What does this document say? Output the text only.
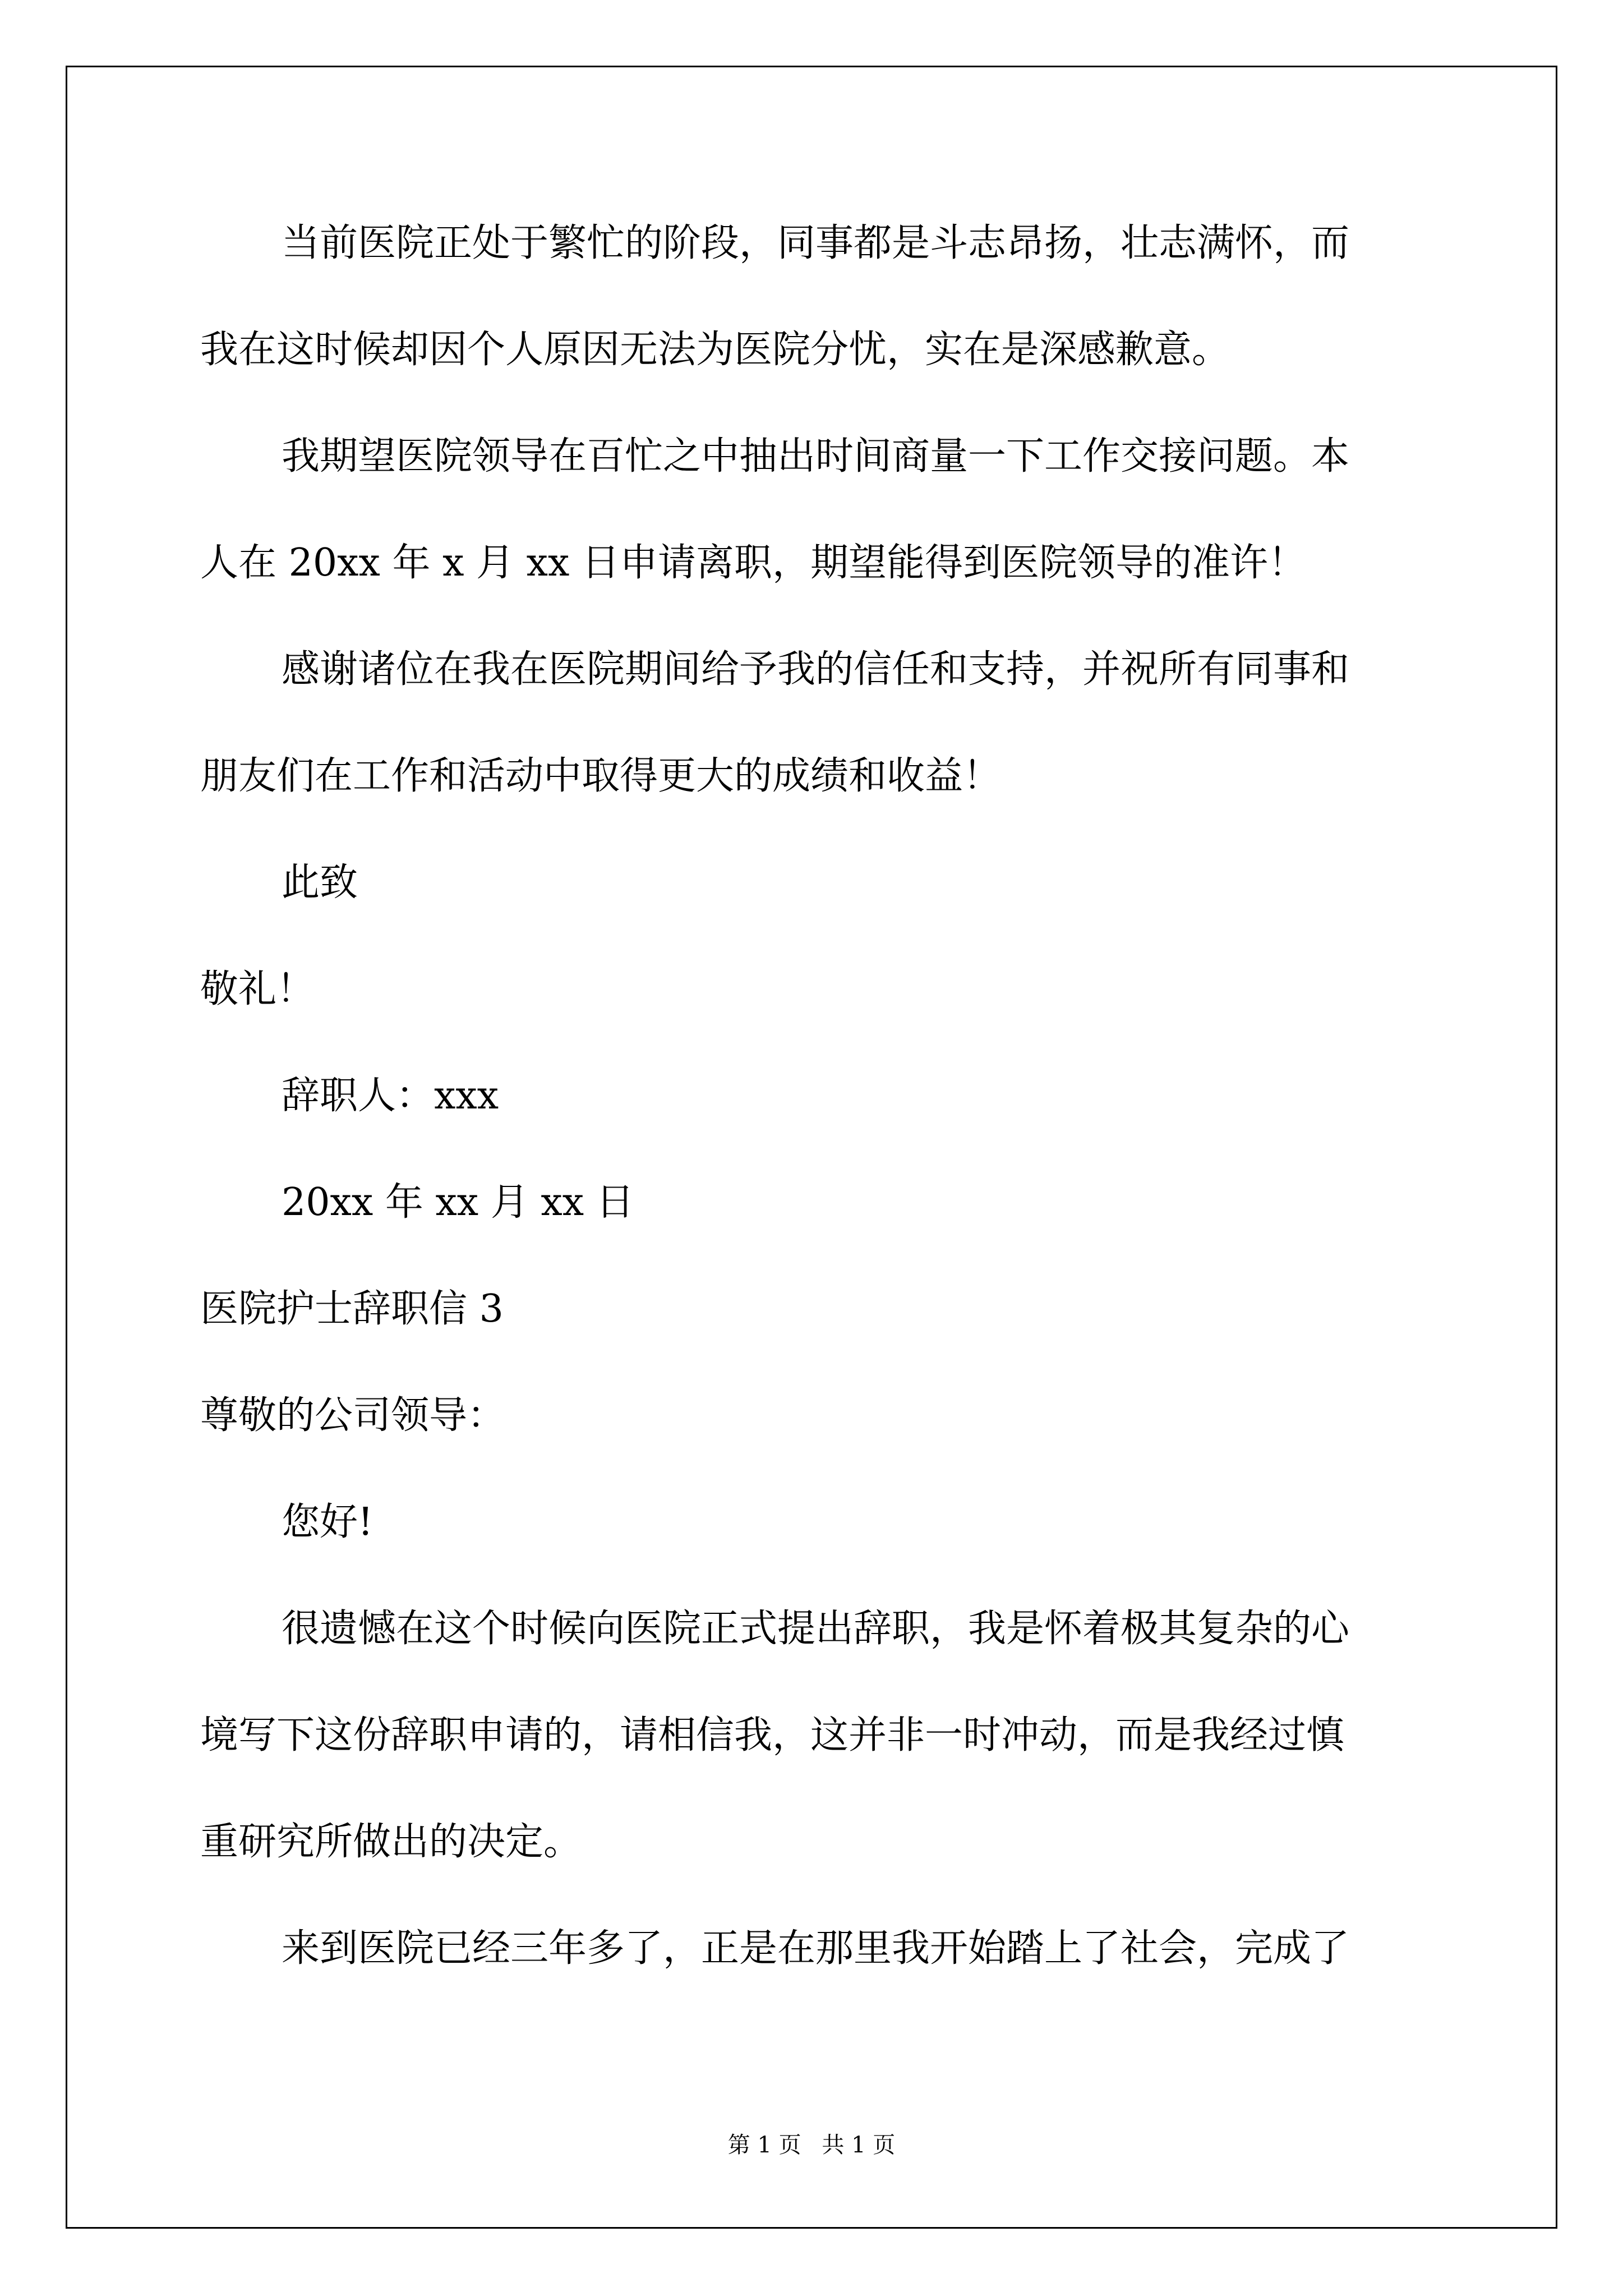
当前医院正处于繁忙的阶段，同事都是斗志昂扬，壮志满怀，而
我在这时候却因个人原因无法为医院分忧，实在是深感歉意。
我期望医院领导在百忙之中抽出时间商量一下工作交接问题。本
人在 20xx 年 x 月 xx 日申请离职，期望能得到医院领导的准许！
感谢诸位在我在医院期间给予我的信任和支持，并祝所有同事和
朋友们在工作和活动中取得更大的成绩和收益！
此致
敬礼！
辞职人：xxx
20xx 年 xx 月 xx 日
医院护士辞职信 3
尊敬的公司领导：
您好!
很遗憾在这个时候向医院正式提出辞职，我是怀着极其复杂的心
境写下这份辞职申请的，请相信我，这并非一时冲动，而是我经过慎
重研究所做出的决定。
来到医院已经三年多了，正是在那里我开始踏上了社会，完成了
第 1 页 共 1 页
